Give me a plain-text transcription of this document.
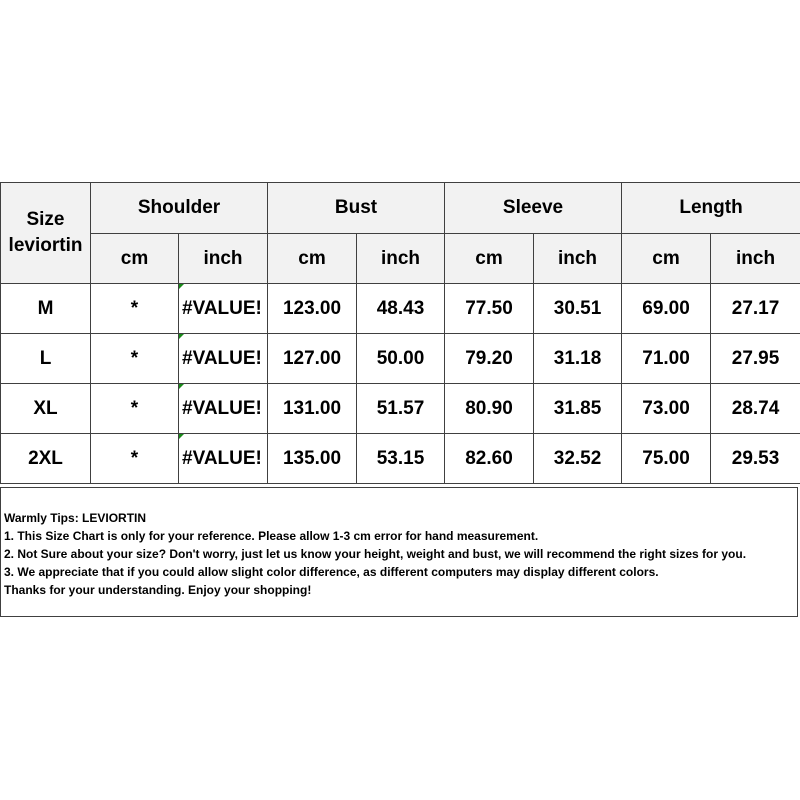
Size
leviortin	Shoulder		Bust		Sleeve		Length	
	cm	inch	cm	inch	cm	inch	cm	inch
M	*	#VALUE!	123.00	48.43	77.50	30.51	69.00	27.17
L	*	#VALUE!	127.00	50.00	79.20	31.18	71.00	27.95
XL	*	#VALUE!	131.00	51.57	80.90	31.85	73.00	28.74
2XL	*	#VALUE!	135.00	53.15	82.60	32.52	75.00	29.53
Warmly Tips: LEVIORTIN
1. This Size Chart is only for your reference. Please allow 1-3 cm error for hand measurement.
2. Not Sure about your size? Don't worry, just let us know your height, weight and bust, we will recommend the right sizes for you.
3. We appreciate that if you could allow slight color difference, as different computers may display different colors.
Thanks for your understanding. Enjoy your shopping!
